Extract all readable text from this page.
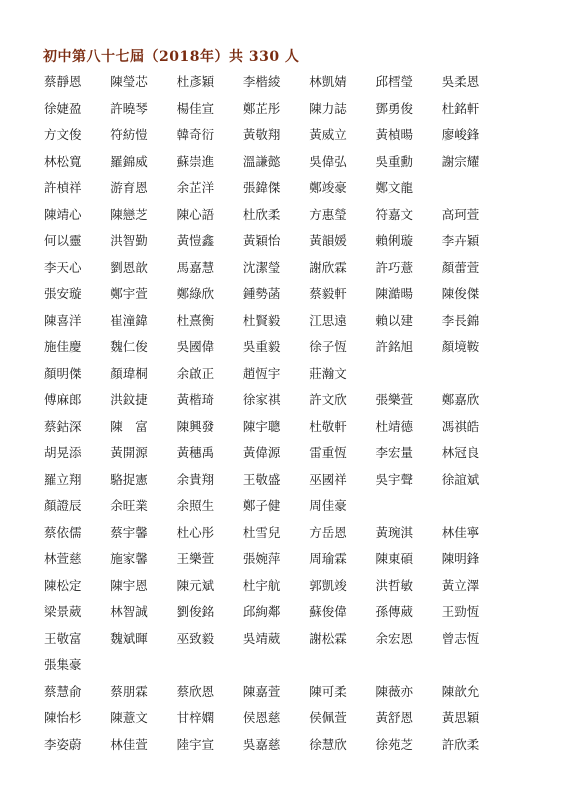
初中第八十七屆（2018年）共 330 人
蔡靜恩 陳瑩芯 杜彥穎 李楷綾 林凱婧 邱樰瑩 吳柔恩
徐婕盈 許曉琴 楊佳宣 鄭芷彤 陳力誌 鄧勇俊 杜銘軒
方文俊 符紡愷 韓奇衍 黃敬翔 黃威立 黃楨暘 廖峻鋒
林松寬 羅錦威 蘇崇進 溫謙懿 吳偉弘 吳重勳 謝宗耀
許楨祥 游育恩 余芷洋 張鍏傑 鄭竣豪 鄭文龍
陳靖心 陳戀芝 陳心語 杜欣柔 方惠瑩 符嘉文 高珂萱
何以靈 洪智勤 黃愷鑫 黃穎怡 黃韻媛 賴俐璇 李卉穎
李天心 劉恩歆 馬嘉慧 沈潔瑩 謝欣霖 許巧薏 顏蕾萱
張安璇 鄭宇萱 鄭綠欣 鍾勢菡 蔡毅軒 陳澔暘 陳俊傑
陳喜洋 崔潼鍏 杜熹衡 杜賢毅 江思遠 賴以建 李長錦
施佳慶 魏仁俊 吳國偉 吳重毅 徐子恆 許銘旭 顏境鞍
顏明傑 顏瑋桐 余啟正 趙恆宇 莊瀚文
傅麻郎 洪鈫捷 黃楷琦 徐家祺 許文欣 張樂萱 鄭嘉欣
蔡鈷深 陳　富 陳興發 陳宇聰 杜敬軒 杜靖德 馮祺皓
胡晃添 黃開源 黃穗禹 黃偉源 雷重恆 李宏量 林冠良
羅立翔 駱捉憲 余貴翔 王敬盛 巫國祥 吳宇聲 徐誼斌
顏證辰 余旺業 余照生 鄭子健 周佳豪
蔡依儒 蔡宇馨 杜心彤 杜雪兒 方岳恩 黃琬淇 林佳寧
林萱慈 施家馨 王樂萱 張婉萍 周瑜霖 陳東碩 陳明鋒
陳松定 陳宇恩 陳元斌 杜宇航 郭凱竣 洪哲敏 黃立澤
梁景葳 林智誠 劉俊銘 邱絢鄰 蘇俊偉 孫傳葳 王勁恆
王敬富 魏斌暉 巫致毅 吳靖葳 謝松霖 余宏恩 曾志恆
張集豪
蔡慧俞 蔡朋霖 蔡欣恩 陳嘉萱 陳可柔 陳薇亦 陳歆允
陳怡杉 陳薏文 甘梓嫻 侯恩慈 侯佩萱 黃舒恩 黃思穎
李姿蔚 林佳萱 陸宇宣 吳嘉慈 徐慧欣 徐苑芝 許欣柔
